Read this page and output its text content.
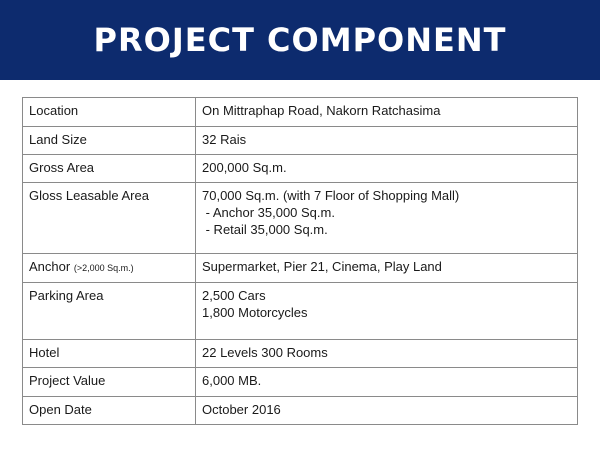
PROJECT COMPONENT
Location	On Mittraphap Road, Nakorn Ratchasima

Land Size	32 Rais

Gross Area	200,000 Sq.m.

Gloss Leasable Area	70,000 Sq.m. (with 7 Floor of Shopping Mall)
- Anchor 35,000 Sq.m.
- Retail 35,000 Sq.m.

Anchor (>2,000 Sq.m.)	Supermarket, Pier 21, Cinema, Play Land

Parking Area	2,500 Cars
1,800 Motorcycles

Hotel	22 Levels 300 Rooms

Project Value	6,000 MB.

Open Date	October 2016
